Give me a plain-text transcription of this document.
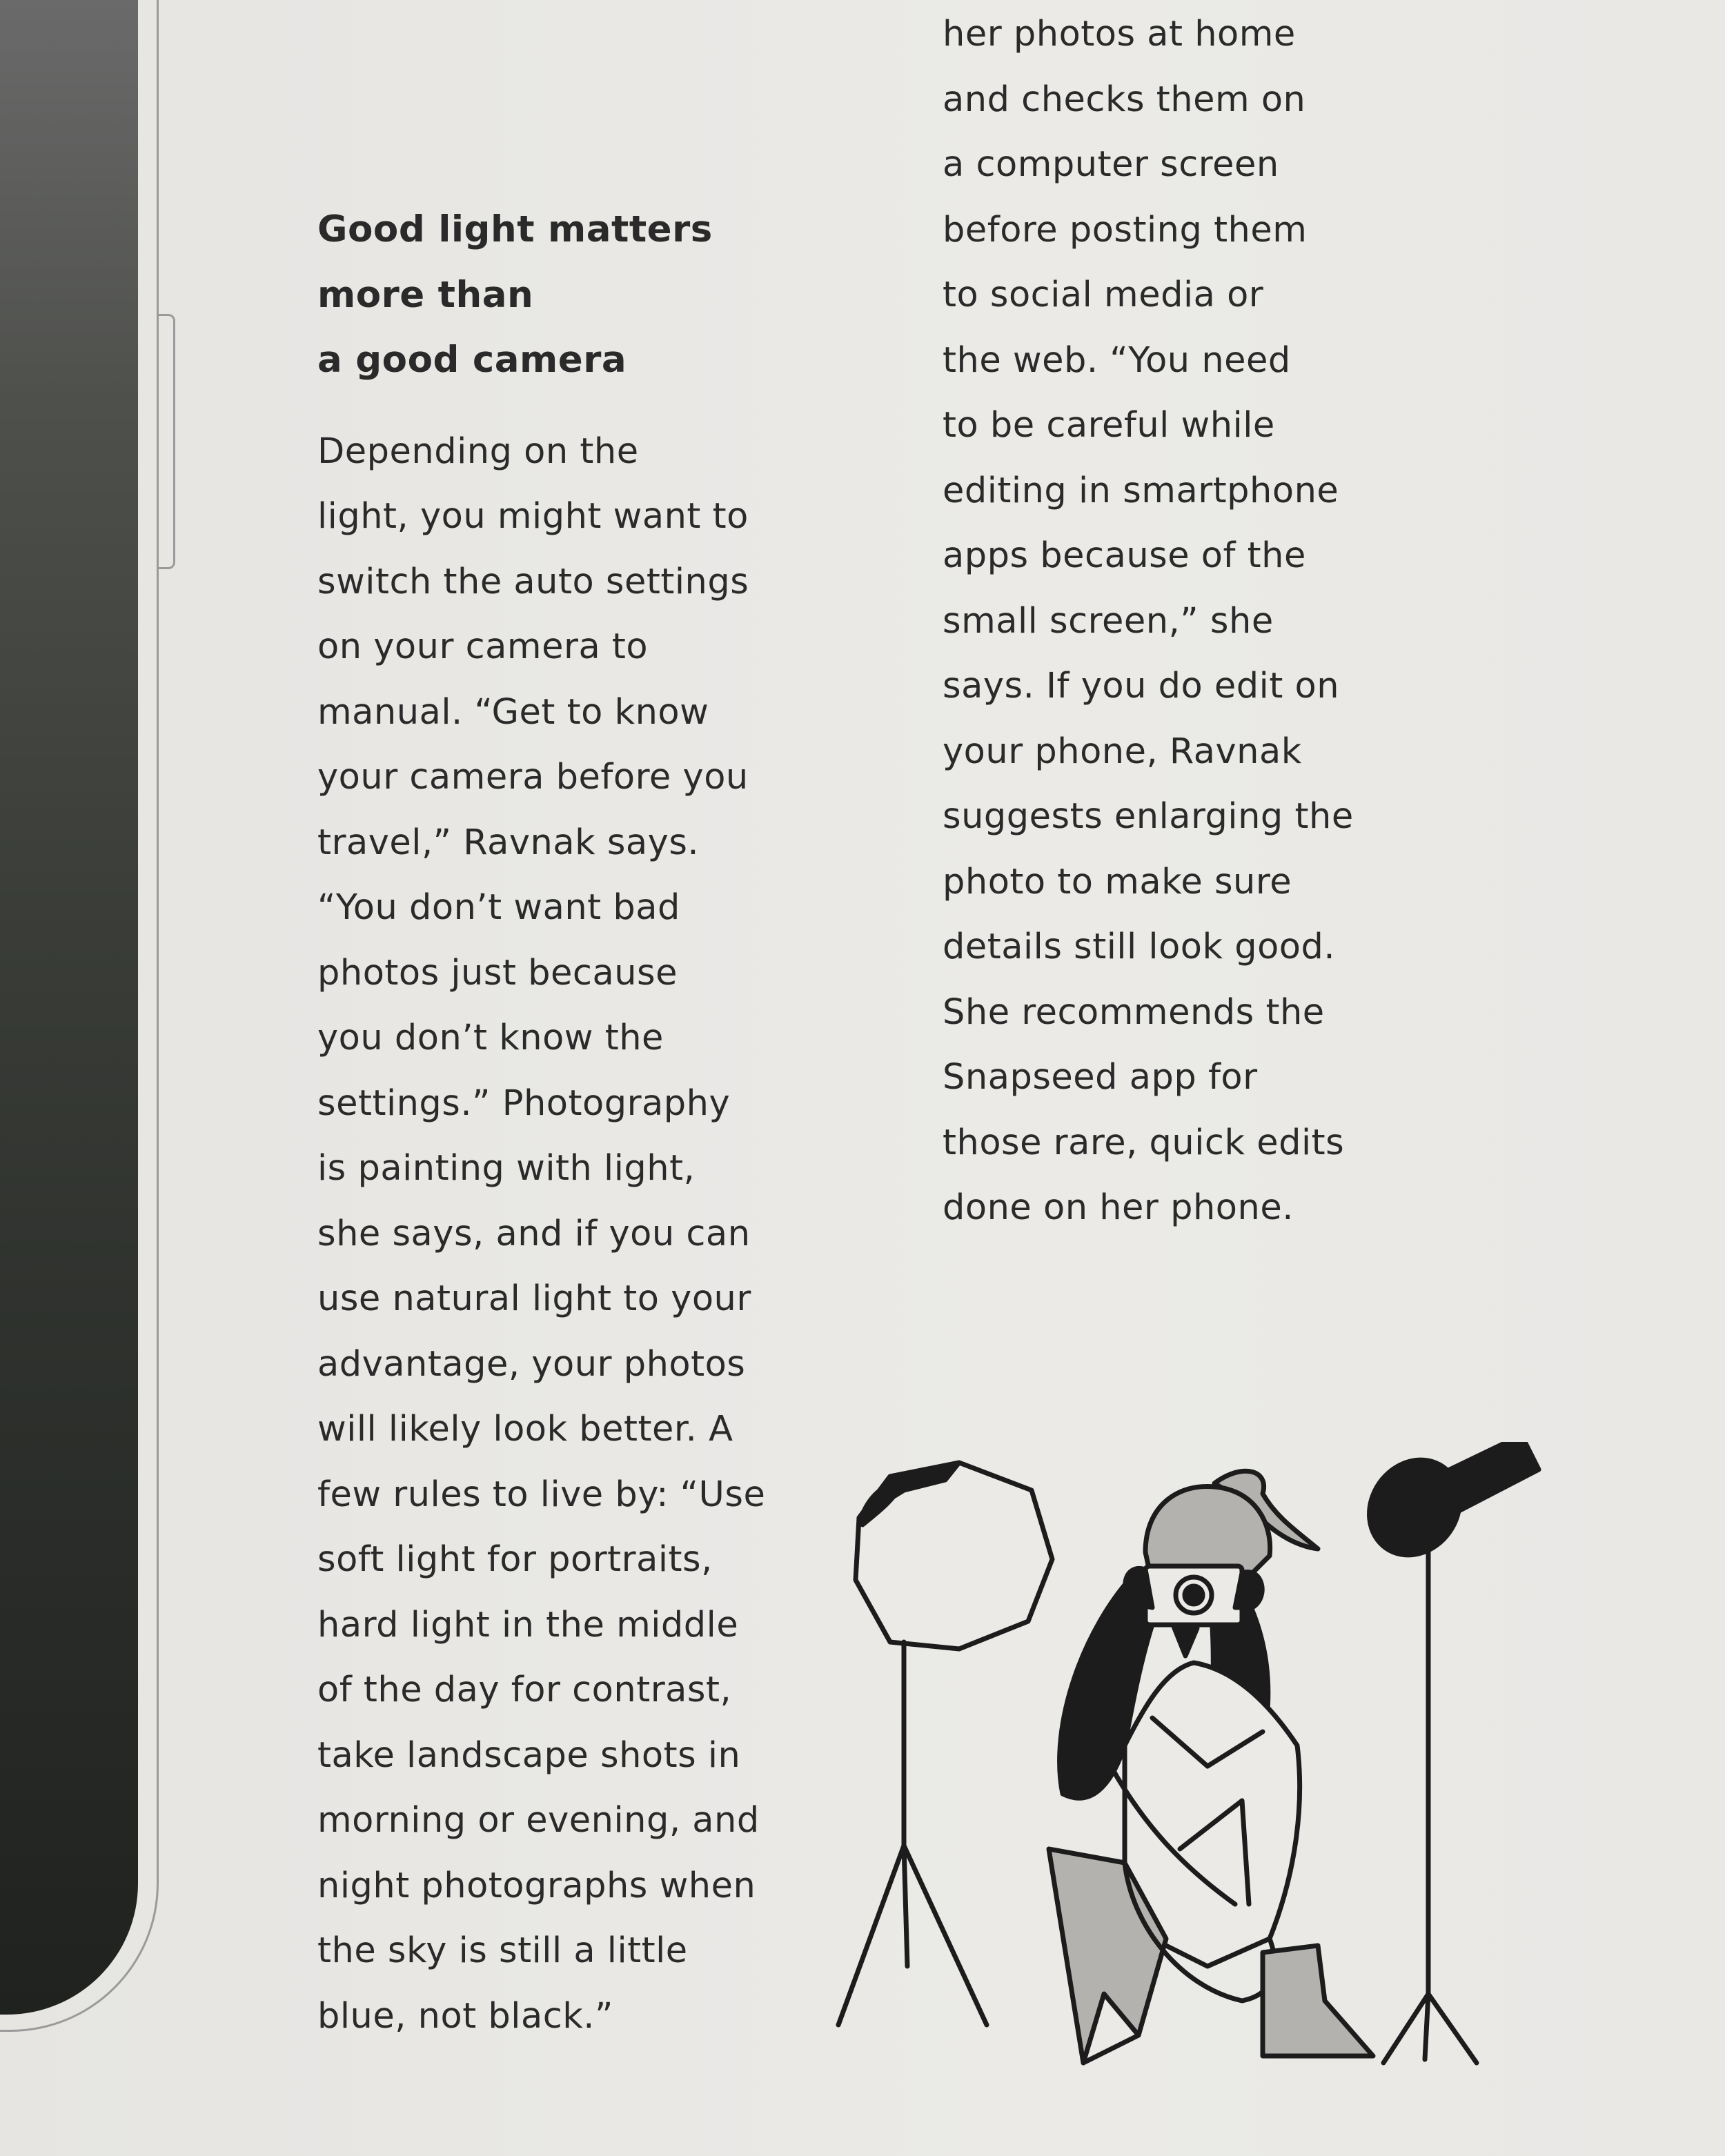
Good light matters
more than
a good camera
Depending on the
light, you might want to
switch the auto settings
on your camera to
manual. “Get to know
your camera before you
travel,” Ravnak says.
“You don’t want bad
photos just because
you don’t know the
settings.” Photography
is painting with light,
she says, and if you can
use natural light to your
advantage, your photos
will likely look better. A
few rules to live by: “Use
soft light for portraits,
hard light in the middle
of the day for contrast,
take landscape shots in
morning or evening, and
night photographs when
the sky is still a little
blue, not black.”
her photos at home
and checks them on
a computer screen
before posting them
to social media or
the web. “You need
to be careful while
editing in smartphone
apps because of the
small screen,” she
says. If you do edit on
your phone, Ravnak
suggests enlarging the
photo to make sure
details still look good.
She recommends the
Snapseed app for
those rare, quick edits
done on her phone.
